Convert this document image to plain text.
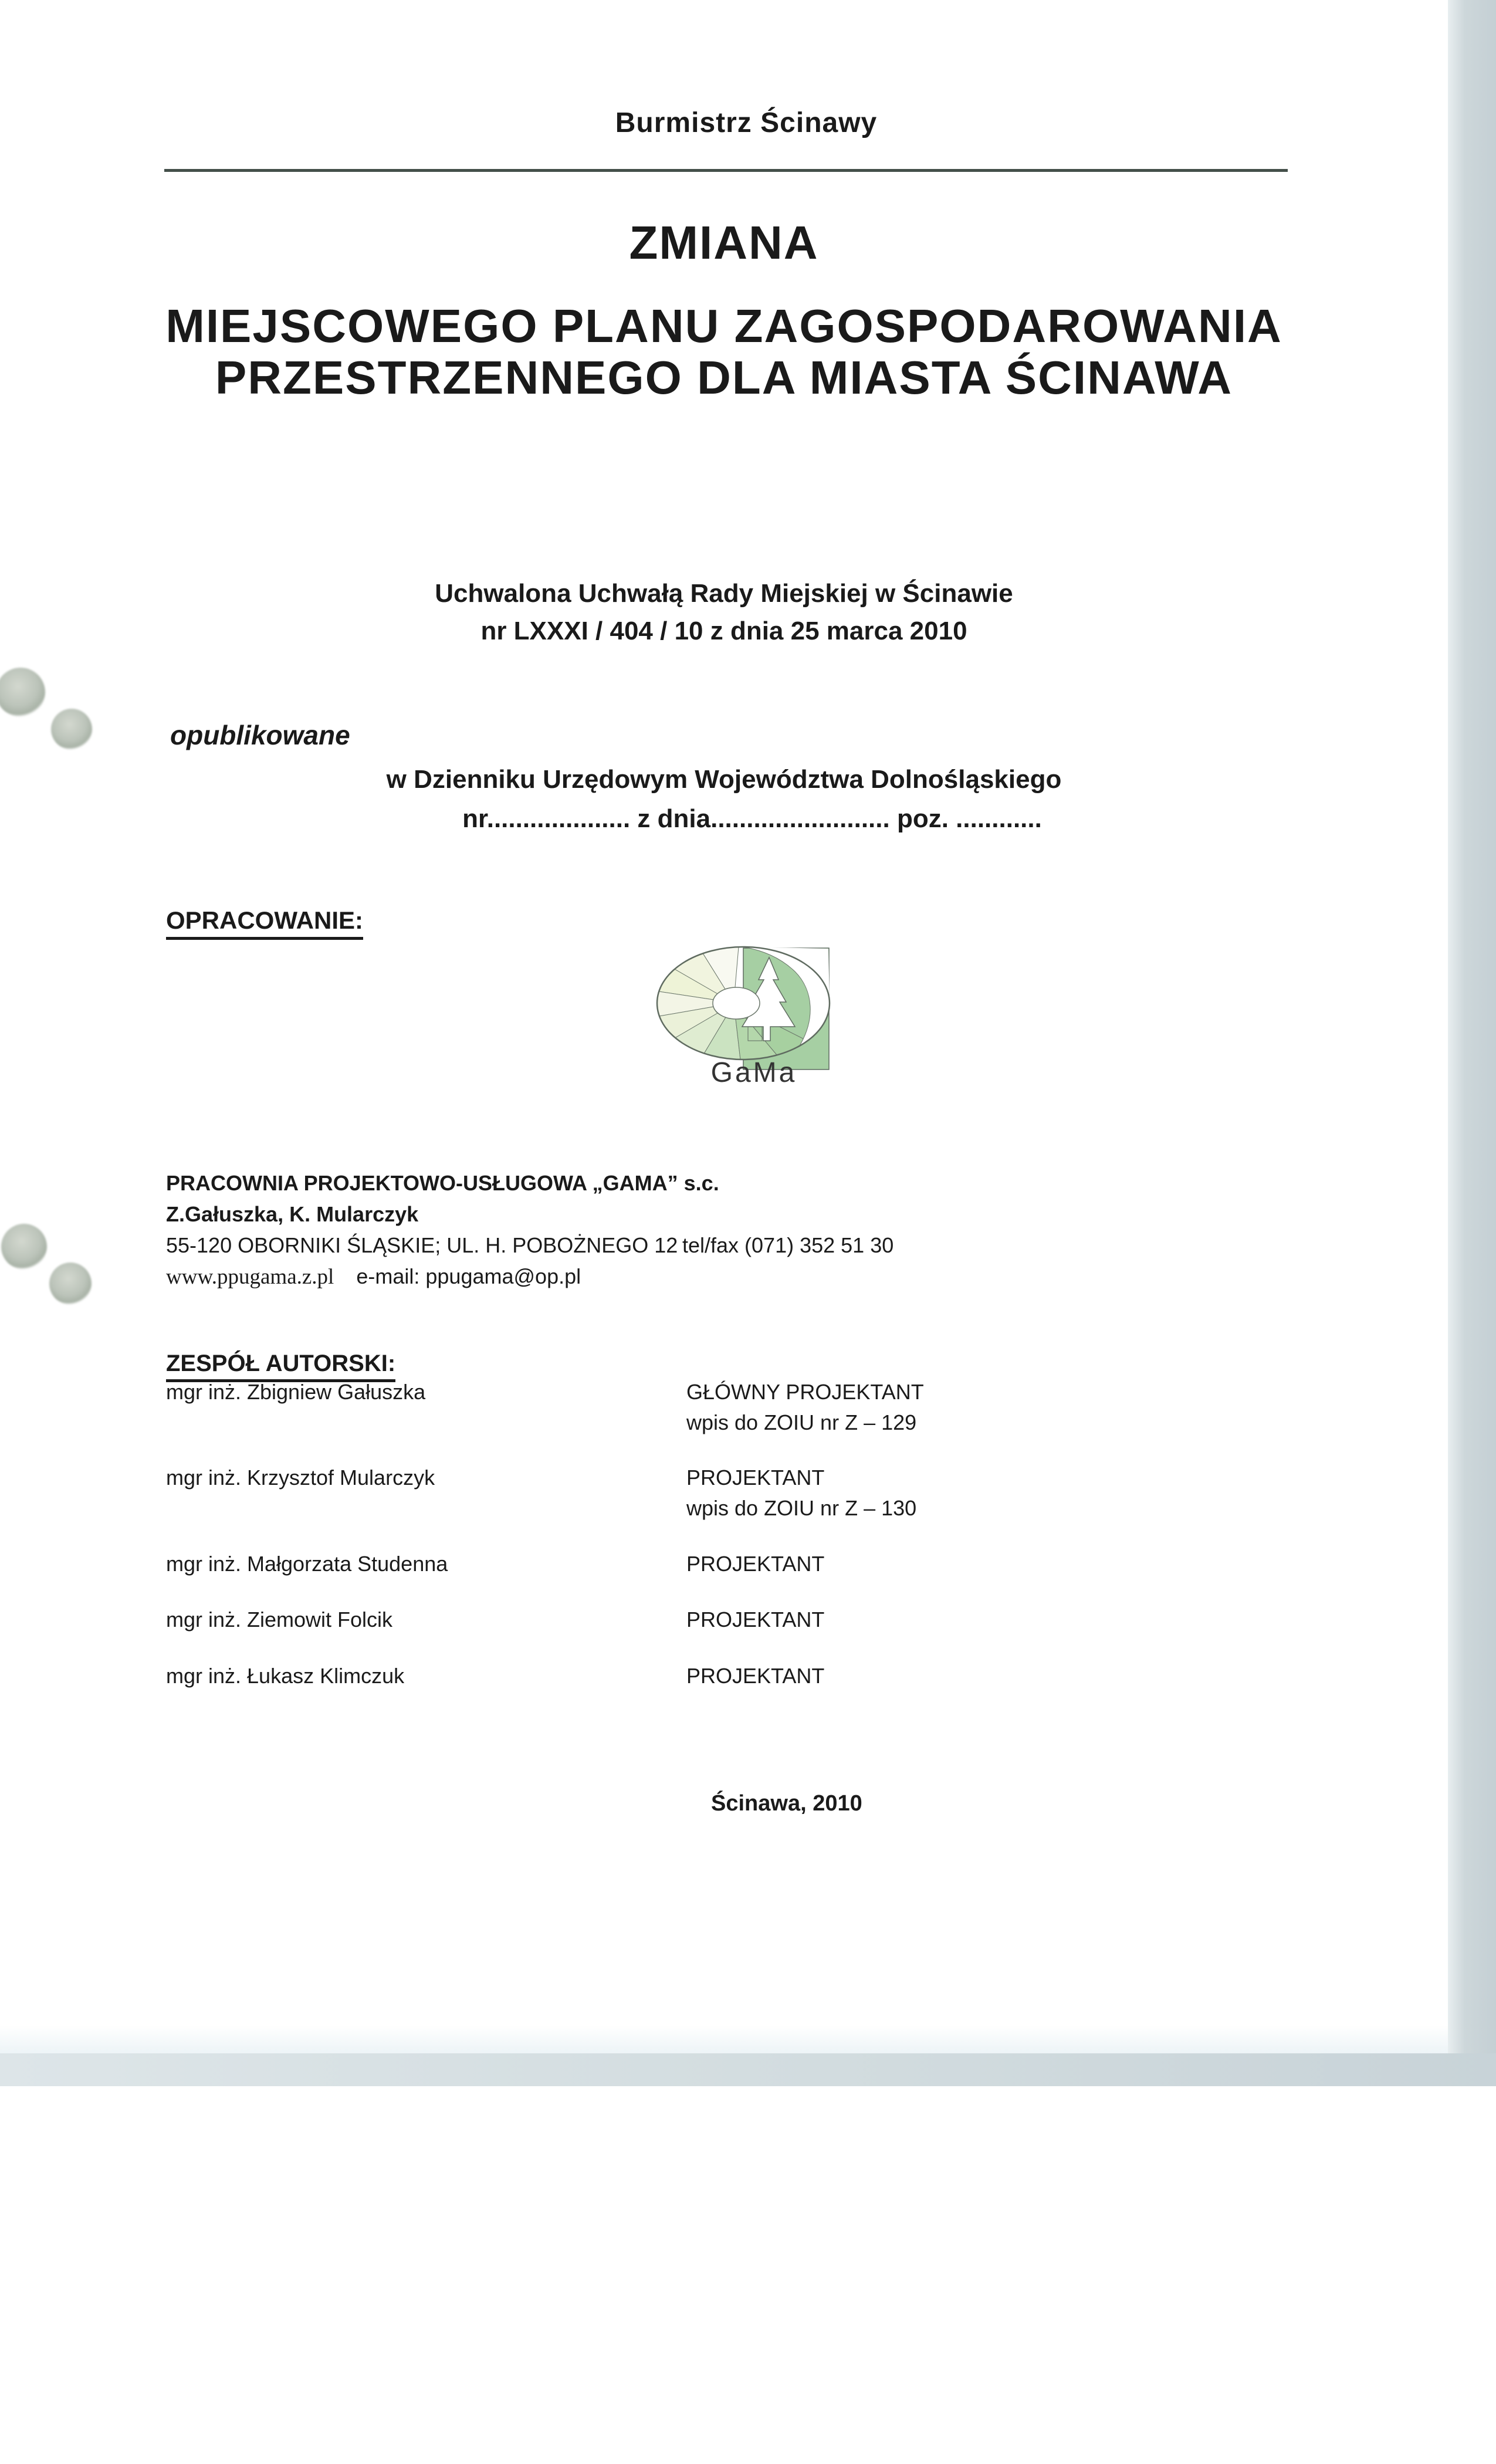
Burmistrz Ścinawy
ZMIANA
MIEJSCOWEGO PLANU ZAGOSPODAROWANIA
PRZESTRZENNEGO DLA MIASTA ŚCINAWA
Uchwalona Uchwałą Rady Miejskiej w Ścinawie
nr LXXXI / 404 / 10 z dnia 25 marca 2010
opublikowane
w Dzienniku Urzędowym Województwa Dolnośląskiego
nr.................... z dnia......................... poz. ............
OPRACOWANIE:
GaMa
PRACOWNIA PROJEKTOWO-USŁUGOWA „GAMA” s.c.
Z.Gałuszka, K. Mularczyk
55-120 OBORNIKI ŚLĄSKIE; UL. H. POBOŻNEGO 12 tel/fax (071) 352 51 30
www.ppugama.z.pl e-mail: ppugama@op.pl
ZESPÓŁ AUTORSKI:
mgr inż. Zbigniew Gałuszka	GŁÓWNY PROJEKTANT
wpis do ZOIU nr Z – 129
mgr inż. Krzysztof Mularczyk	PROJEKTANT
wpis do ZOIU nr Z – 130
mgr inż. Małgorzata Studenna	PROJEKTANT
mgr inż. Ziemowit Folcik	PROJEKTANT
mgr inż. Łukasz Klimczuk	PROJEKTANT
Ścinawa, 2010
